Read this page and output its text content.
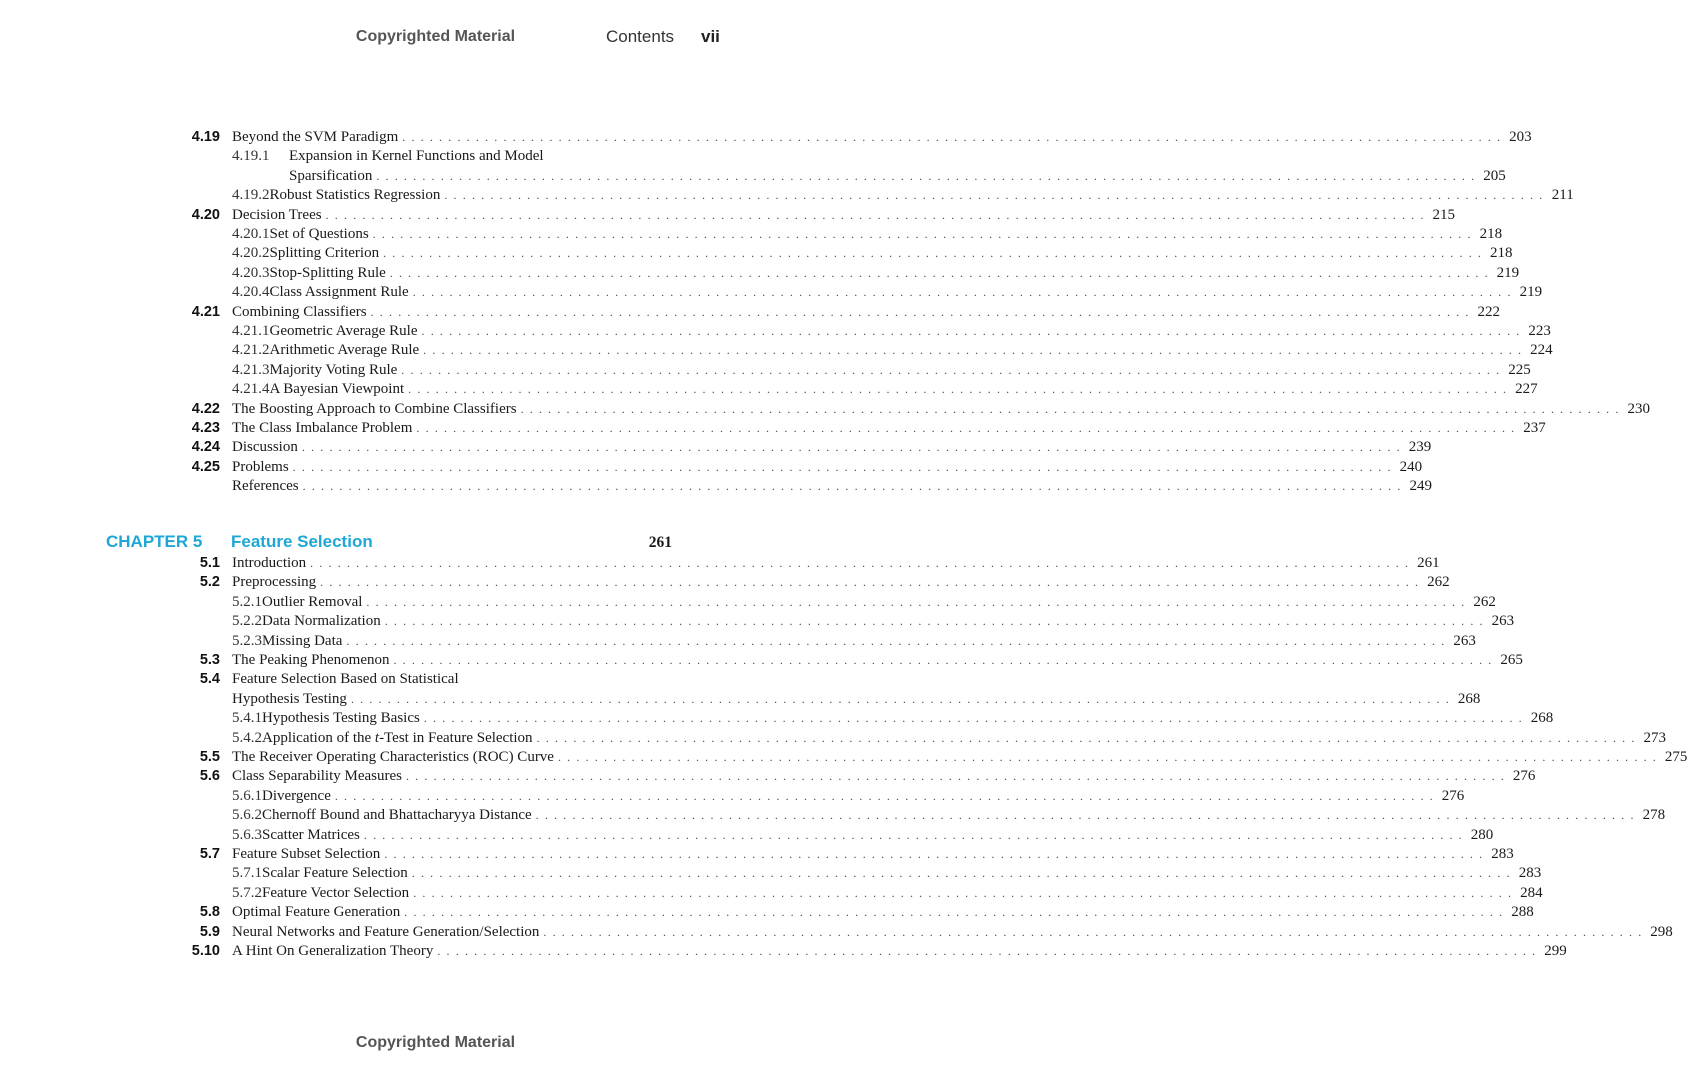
Copyrighted Material	Contents vii
4.19 Beyond the SVM Paradigm . . . . . . . . . . . . . . . . . . . . . . . . . . . . . . . . . . . . . . . . . . . . . . . . . . . . . . . . . . . . . . . . . . . . . . . . . . . . . . . . . . . . . . . . . . . . . . . . . . . . . . . . . . . . . . . . . . . . . . . . 203
4.19.1	Expansion in Kernel Functions and Model
Sparsification . . . . . . . . . . . . . . . . . . . . . . . . . . . . . . . . . . . . . . . . . . . . . . . . . . . . . . . . . . . . . . . . . . . . . . . . . . . . . . . . . . . . . . . . . . . . . . . . . . . . . . . . . . . . . . . . . . . . . . . . 205
4.19.2 Robust Statistics Regression . . . . . . . . . . . . . . . . . . . . . . . . . . . . . . . . . . . . . . . . . . . . . . . . . . . . . . . . . . . . . . . . . . . . . . . . . . . . . . . . . . . . . . . . . . . . . . . . . . . . . . . . . . . . . . . . . . . . . . . . 211
4.20 Decision Trees . . . . . . . . . . . . . . . . . . . . . . . . . . . . . . . . . . . . . . . . . . . . . . . . . . . . . . . . . . . . . . . . . . . . . . . . . . . . . . . . . . . . . . . . . . . . . . . . . . . . . . . . . . . . . . . . . . . . . . . . 215
4.20.1 Set of Questions . . . . . . . . . . . . . . . . . . . . . . . . . . . . . . . . . . . . . . . . . . . . . . . . . . . . . . . . . . . . . . . . . . . . . . . . . . . . . . . . . . . . . . . . . . . . . . . . . . . . . . . . . . . . . . . . . . . . . . . . 218
4.20.2 Splitting Criterion . . . . . . . . . . . . . . . . . . . . . . . . . . . . . . . . . . . . . . . . . . . . . . . . . . . . . . . . . . . . . . . . . . . . . . . . . . . . . . . . . . . . . . . . . . . . . . . . . . . . . . . . . . . . . . . . . . . . . . . . 218
4.20.3 Stop-Splitting Rule . . . . . . . . . . . . . . . . . . . . . . . . . . . . . . . . . . . . . . . . . . . . . . . . . . . . . . . . . . . . . . . . . . . . . . . . . . . . . . . . . . . . . . . . . . . . . . . . . . . . . . . . . . . . . . . . . . . . . . . . 219
4.20.4 Class Assignment Rule . . . . . . . . . . . . . . . . . . . . . . . . . . . . . . . . . . . . . . . . . . . . . . . . . . . . . . . . . . . . . . . . . . . . . . . . . . . . . . . . . . . . . . . . . . . . . . . . . . . . . . . . . . . . . . . . . . . . . . . . 219
4.21 Combining Classifiers . . . . . . . . . . . . . . . . . . . . . . . . . . . . . . . . . . . . . . . . . . . . . . . . . . . . . . . . . . . . . . . . . . . . . . . . . . . . . . . . . . . . . . . . . . . . . . . . . . . . . . . . . . . . . . . . . . . . . . . . 222
4.21.1 Geometric Average Rule . . . . . . . . . . . . . . . . . . . . . . . . . . . . . . . . . . . . . . . . . . . . . . . . . . . . . . . . . . . . . . . . . . . . . . . . . . . . . . . . . . . . . . . . . . . . . . . . . . . . . . . . . . . . . . . . . . . . . . . . 223
4.21.2 Arithmetic Average Rule . . . . . . . . . . . . . . . . . . . . . . . . . . . . . . . . . . . . . . . . . . . . . . . . . . . . . . . . . . . . . . . . . . . . . . . . . . . . . . . . . . . . . . . . . . . . . . . . . . . . . . . . . . . . . . . . . . . . . . . . 224
4.21.3 Majority Voting Rule . . . . . . . . . . . . . . . . . . . . . . . . . . . . . . . . . . . . . . . . . . . . . . . . . . . . . . . . . . . . . . . . . . . . . . . . . . . . . . . . . . . . . . . . . . . . . . . . . . . . . . . . . . . . . . . . . . . . . . . . 225
4.21.4 A Bayesian Viewpoint . . . . . . . . . . . . . . . . . . . . . . . . . . . . . . . . . . . . . . . . . . . . . . . . . . . . . . . . . . . . . . . . . . . . . . . . . . . . . . . . . . . . . . . . . . . . . . . . . . . . . . . . . . . . . . . . . . . . . . . . 227
4.22 The Boosting Approach to Combine Classifiers . . . . . . . . . . . . . . . . . . . . . . . . . . . . . . . . . . . . . . . . . . . . . . . . . . . . . . . . . . . . . . . . . . . . . . . . . . . . . . . . . . . . . . . . . . . . . . . . . . . . . . . . . . . . . . . . . . . . . . . . 230
4.23 The Class Imbalance Problem . . . . . . . . . . . . . . . . . . . . . . . . . . . . . . . . . . . . . . . . . . . . . . . . . . . . . . . . . . . . . . . . . . . . . . . . . . . . . . . . . . . . . . . . . . . . . . . . . . . . . . . . . . . . . . . . . . . . . . . . 237
4.24 Discussion . . . . . . . . . . . . . . . . . . . . . . . . . . . . . . . . . . . . . . . . . . . . . . . . . . . . . . . . . . . . . . . . . . . . . . . . . . . . . . . . . . . . . . . . . . . . . . . . . . . . . . . . . . . . . . . . . . . . . . . . 239
4.25 Problems . . . . . . . . . . . . . . . . . . . . . . . . . . . . . . . . . . . . . . . . . . . . . . . . . . . . . . . . . . . . . . . . . . . . . . . . . . . . . . . . . . . . . . . . . . . . . . . . . . . . . . . . . . . . . . . . . . . . . . . . 240
References . . . . . . . . . . . . . . . . . . . . . . . . . . . . . . . . . . . . . . . . . . . . . . . . . . . . . . . . . . . . . . . . . . . . . . . . . . . . . . . . . . . . . . . . . . . . . . . . . . . . . . . . . . . . . . . . . . . . . . . . 249
CHAPTER 5 Feature Selection	261
5.1 Introduction . . . . . . . . . . . . . . . . . . . . . . . . . . . . . . . . . . . . . . . . . . . . . . . . . . . . . . . . . . . . . . . . . . . . . . . . . . . . . . . . . . . . . . . . . . . . . . . . . . . . . . . . . . . . . . . . . . . . . . . . 261
5.2 Preprocessing . . . . . . . . . . . . . . . . . . . . . . . . . . . . . . . . . . . . . . . . . . . . . . . . . . . . . . . . . . . . . . . . . . . . . . . . . . . . . . . . . . . . . . . . . . . . . . . . . . . . . . . . . . . . . . . . . . . . . . . . 262
5.2.1 Outlier Removal . . . . . . . . . . . . . . . . . . . . . . . . . . . . . . . . . . . . . . . . . . . . . . . . . . . . . . . . . . . . . . . . . . . . . . . . . . . . . . . . . . . . . . . . . . . . . . . . . . . . . . . . . . . . . . . . . . . . . . . . 262
5.2.2 Data Normalization . . . . . . . . . . . . . . . . . . . . . . . . . . . . . . . . . . . . . . . . . . . . . . . . . . . . . . . . . . . . . . . . . . . . . . . . . . . . . . . . . . . . . . . . . . . . . . . . . . . . . . . . . . . . . . . . . . . . . . . . 263
5.2.3 Missing Data . . . . . . . . . . . . . . . . . . . . . . . . . . . . . . . . . . . . . . . . . . . . . . . . . . . . . . . . . . . . . . . . . . . . . . . . . . . . . . . . . . . . . . . . . . . . . . . . . . . . . . . . . . . . . . . . . . . . . . . . 263
5.3 The Peaking Phenomenon . . . . . . . . . . . . . . . . . . . . . . . . . . . . . . . . . . . . . . . . . . . . . . . . . . . . . . . . . . . . . . . . . . . . . . . . . . . . . . . . . . . . . . . . . . . . . . . . . . . . . . . . . . . . . . . . . . . . . . . . 265
5.4 Feature Selection Based on Statistical
Hypothesis Testing . . . . . . . . . . . . . . . . . . . . . . . . . . . . . . . . . . . . . . . . . . . . . . . . . . . . . . . . . . . . . . . . . . . . . . . . . . . . . . . . . . . . . . . . . . . . . . . . . . . . . . . . . . . . . . . . . . . . . . . . 268
5.4.1 Hypothesis Testing Basics . . . . . . . . . . . . . . . . . . . . . . . . . . . . . . . . . . . . . . . . . . . . . . . . . . . . . . . . . . . . . . . . . . . . . . . . . . . . . . . . . . . . . . . . . . . . . . . . . . . . . . . . . . . . . . . . . . . . . . . . 268
5.4.2 Application of the t-Test in Feature Selection . . . . . . . . . . . . . . . . . . . . . . . . . . . . . . . . . . . . . . . . . . . . . . . . . . . . . . . . . . . . . . . . . . . . . . . . . . . . . . . . . . . . . . . . . . . . . . . . . . . . . . . . . . . . . . . . . . . . . . . . 273
5.5 The Receiver Operating Characteristics (ROC) Curve . . . . . . . . . . . . . . . . . . . . . . . . . . . . . . . . . . . . . . . . . . . . . . . . . . . . . . . . . . . . . . . . . . . . . . . . . . . . . . . . . . . . . . . . . . . . . . . . . . . . . . . . . . . . . . . . . . . . . . . . 275
5.6 Class Separability Measures . . . . . . . . . . . . . . . . . . . . . . . . . . . . . . . . . . . . . . . . . . . . . . . . . . . . . . . . . . . . . . . . . . . . . . . . . . . . . . . . . . . . . . . . . . . . . . . . . . . . . . . . . . . . . . . . . . . . . . . . 276
5.6.1 Divergence . . . . . . . . . . . . . . . . . . . . . . . . . . . . . . . . . . . . . . . . . . . . . . . . . . . . . . . . . . . . . . . . . . . . . . . . . . . . . . . . . . . . . . . . . . . . . . . . . . . . . . . . . . . . . . . . . . . . . . . . 276
5.6.2 Chernoff Bound and Bhattacharyya Distance . . . . . . . . . . . . . . . . . . . . . . . . . . . . . . . . . . . . . . . . . . . . . . . . . . . . . . . . . . . . . . . . . . . . . . . . . . . . . . . . . . . . . . . . . . . . . . . . . . . . . . . . . . . . . . . . . . . . . . . . 278
5.6.3 Scatter Matrices . . . . . . . . . . . . . . . . . . . . . . . . . . . . . . . . . . . . . . . . . . . . . . . . . . . . . . . . . . . . . . . . . . . . . . . . . . . . . . . . . . . . . . . . . . . . . . . . . . . . . . . . . . . . . . . . . . . . . . . . 280
5.7 Feature Subset Selection . . . . . . . . . . . . . . . . . . . . . . . . . . . . . . . . . . . . . . . . . . . . . . . . . . . . . . . . . . . . . . . . . . . . . . . . . . . . . . . . . . . . . . . . . . . . . . . . . . . . . . . . . . . . . . . . . . . . . . . . 283
5.7.1 Scalar Feature Selection . . . . . . . . . . . . . . . . . . . . . . . . . . . . . . . . . . . . . . . . . . . . . . . . . . . . . . . . . . . . . . . . . . . . . . . . . . . . . . . . . . . . . . . . . . . . . . . . . . . . . . . . . . . . . . . . . . . . . . . . 283
5.7.2 Feature Vector Selection . . . . . . . . . . . . . . . . . . . . . . . . . . . . . . . . . . . . . . . . . . . . . . . . . . . . . . . . . . . . . . . . . . . . . . . . . . . . . . . . . . . . . . . . . . . . . . . . . . . . . . . . . . . . . . . . . . . . . . . . 284
5.8 Optimal Feature Generation . . . . . . . . . . . . . . . . . . . . . . . . . . . . . . . . . . . . . . . . . . . . . . . . . . . . . . . . . . . . . . . . . . . . . . . . . . . . . . . . . . . . . . . . . . . . . . . . . . . . . . . . . . . . . . . . . . . . . . . . 288
5.9 Neural Networks and Feature Generation/Selection . . . . . . . . . . . . . . . . . . . . . . . . . . . . . . . . . . . . . . . . . . . . . . . . . . . . . . . . . . . . . . . . . . . . . . . . . . . . . . . . . . . . . . . . . . . . . . . . . . . . . . . . . . . . . . . . . . . . . . . . 298
5.10 A Hint On Generalization Theory . . . . . . . . . . . . . . . . . . . . . . . . . . . . . . . . . . . . . . . . . . . . . . . . . . . . . . . . . . . . . . . . . . . . . . . . . . . . . . . . . . . . . . . . . . . . . . . . . . . . . . . . . . . . . . . . . . . . . . . . 299
Copyrighted Material
